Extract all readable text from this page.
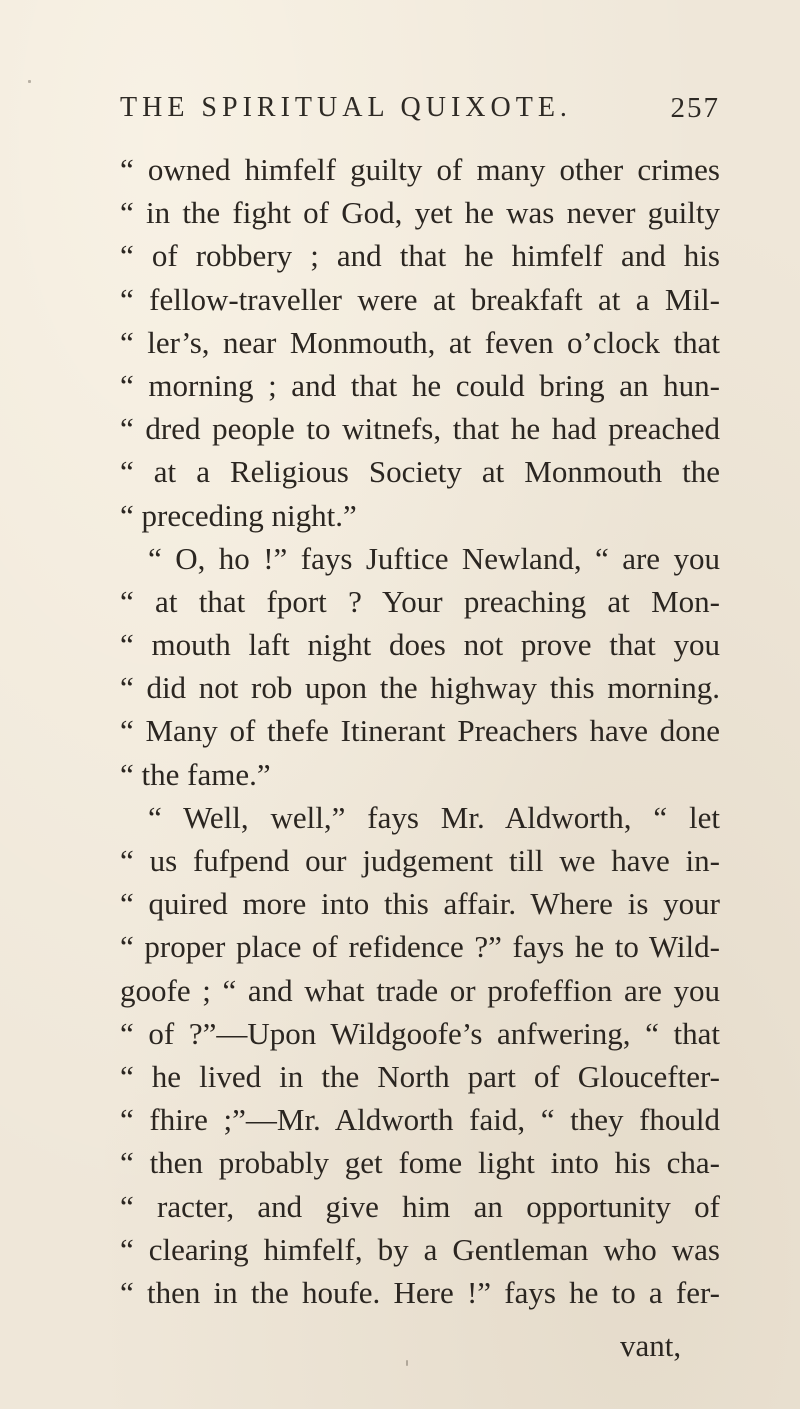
THE SPIRITUAL QUIXOTE.	257
“ owned himfelf guilty of many other crimes
“ in the fight of God, yet he was never guilty
“ of robbery ; and that he himfelf and his
“ fellow-traveller were at breakfaft at a Mil-
“ ler’s, near Monmouth, at feven o’clock that
“ morning ; and that he could bring an hun-
“ dred people to witnefs, that he had preached
“ at a Religious Society at Monmouth the
“ preceding night.”
“ O, ho !” fays Juftice Newland, “ are you
“ at that fport ? Your preaching at Mon-
“ mouth laft night does not prove that you
“ did not rob upon the highway this morning.
“ Many of thefe Itinerant Preachers have done
“ the fame.”
“ Well, well,” fays Mr. Aldworth, “ let
“ us fufpend our judgement till we have in-
“ quired more into this affair. Where is your
“ proper place of refidence ?” fays he to Wild-
goofe ; “ and what trade or profeffion are you
“ of ?”—Upon Wildgoofe’s anfwering, “ that
“ he lived in the North part of Gloucefter-
“ fhire ;”—Mr. Aldworth faid, “ they fhould
“ then probably get fome light into his cha-
“ racter, and give him an opportunity of
“ clearing himfelf, by a Gentleman who was
“ then in the houfe. Here !” fays he to a fer-
vant,
